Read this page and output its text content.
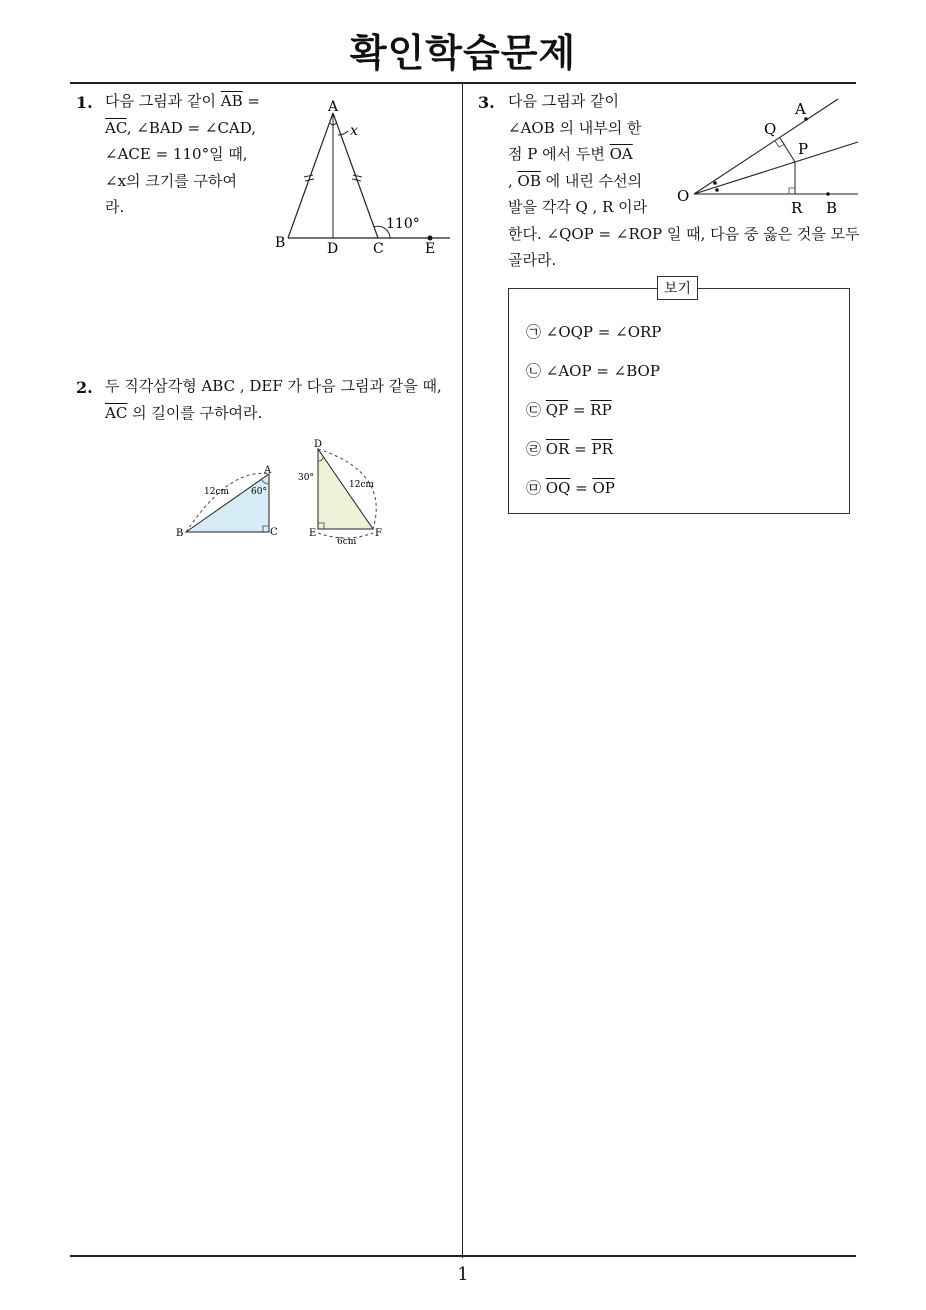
확인학습문제
1. 다음 그림과 같이 $\overline{AB}$ =
$\overline{AC}$, ∠BAD = ∠CAD,
∠ACE = 110°일 때,
∠x의 크기를 구하여
라.
A
x
B	D C	E
110°
2. 두 직각삼각형 ABC , DEF 가 다음 그림과 같을 때,
$\overline{AC}$ 의 길이를 구하여라.
A
B	C
12cm 60°
D
E	F
30°
12cm
6cm
3. 다음 그림과 같이
∠AOB 의 내부의 한
점 P 에서 두변 $\overline{OA}$
, $\overline{OB}$ 에 내린 수선의
발을 각각 Q , R 이라
한다. ∠QOP = ∠ROP 일 때, 다음 중 옳은 것을 모두
골라라.
O
A
Q
P
R B
보기
㉠ ∠OQP = ∠ORP
㉡ ∠AOP = ∠BOP
㉢ $\overline{QP} = \overline{RP}$
㉣ $\overline{OR} = \overline{PR}$
㉤ $\overline{OQ} = \overline{OP}$
1
